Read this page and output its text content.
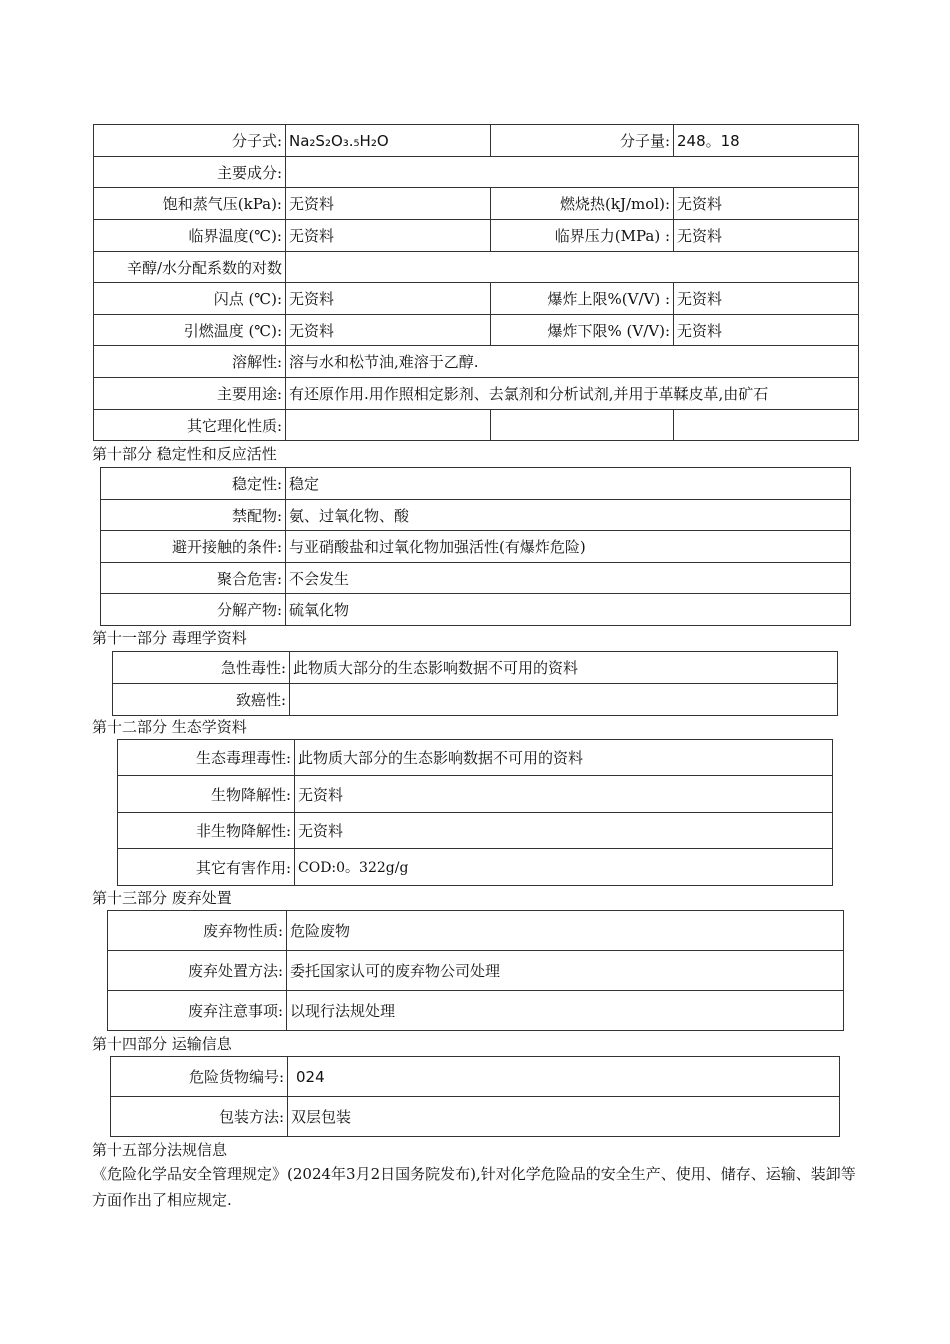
分子式:	Na₂S₂O₃.₅H₂O	分子量:	248。18
主要成分:			
饱和蒸气压(kPa):	无资料	燃烧热(kJ/mol):	无资料
临界温度(℃):	无资料	临界压力(MPa) :	无资料
辛醇/水分配系数的对数			
闪点 (℃):	无资料	爆炸上限%(V/V) :	无资料
引燃温度 (℃):	无资料	爆炸下限% (V/V):	无资料
溶解性:	溶与水和松节油,难溶于乙醇.		
主要用途:	有还原作用.用作照相定影剂、去氯剂和分析试剂,并用于革鞣皮革,由矿石		
其它理化性质:			
第十部分 稳定性和反应活性
稳定性:	稳定
禁配物:	氨、过氧化物、酸
避开接触的条件:	与亚硝酸盐和过氧化物加强活性(有爆炸危险)
聚合危害:	不会发生
分解产物:	硫氧化物
第十一部分 毒理学资料
急性毒性:	此物质大部分的生态影响数据不可用的资料
致癌性:	
第十二部分 生态学资料
生态毒理毒性:	此物质大部分的生态影响数据不可用的资料
生物降解性:	无资料
非生物降解性:	无资料
其它有害作用:	COD:0。322g/g
第十三部分 废弃处置
废弃物性质:	危险废物
废弃处置方法:	委托国家认可的废弃物公司处理
废弃注意事项:	以现行法规处理
第十四部分 运输信息
危险货物编号:	024
包装方法:	双层包装
第十五部分法规信息
《危险化学品安全管理规定》(2024年3月2日国务院发布),针对化学危险品的安全生产、使用、储存、运输、装卸等方面作出了相应规定.
